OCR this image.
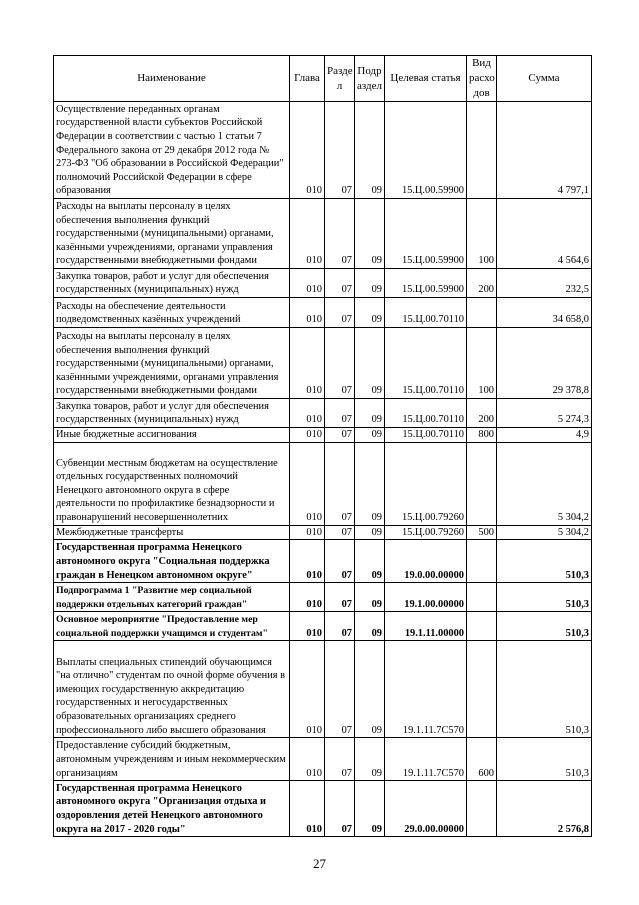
Наименование	Глава	Разде л	Подр аздел	Целевая статья	Вид расхо дов	Сумма
Осуществление переданных органам государственной власти субъектов Российской Федерации в соответствии с частью 1 статьи 7 Федерального закона от 29 декабря 2012 года № 273-ФЗ "Об образовании в Российской Федерации" полномочий Российской Федерации в сфере образования	010	07	09	15.Ц.00.59900		4 797,1
Расходы на выплаты персоналу в целях обеспечения выполнения функций государственными (муниципальными) органами, казёнными учреждениями, органами управления государственными внебюджетными фондами	010	07	09	15.Ц.00.59900	100	4 564,6
Закупка товаров, работ и услуг для обеспечения государственных (муниципальных) нужд	010	07	09	15.Ц.00.59900	200	232,5
Расходы на обеспечение деятельности подведомственных казённых учреждений	010	07	09	15.Ц.00.70110		34 658,0
Расходы на выплаты персоналу в целях обеспечения выполнения функций государственными (муниципальными) органами, казённными учреждениями, органами управления государственными внебюджетными фондами	010	07	09	15.Ц.00.70110	100	29 378,8
Закупка товаров, работ и услуг для обеспечения государственных (муниципальных) нужд	010	07	09	15.Ц.00.70110	200	5 274,3
Иные бюджетные ассигнования	010	07	09	15.Ц.00.70110	800	4,9
Субвенции местным бюджетам на осуществление отдельных государственных полномочий Ненецкого автономного округа в сфере деятельности по профилактике безнадзорности и правонарушений несовершеннолетних	010	07	09	15.Ц.00.79260		5 304,2
Межбюджетные трансферты	010	07	09	15.Ц.00.79260	500	5 304,2
Государственная программа Ненецкого автономного округа "Социальная поддержка граждан в Ненецком автономном округе"	010	07	09	19.0.00.00000		510,3
Подпрограмма 1 "Развитие мер социальной поддержки отдельных категорий граждан"	010	07	09	19.1.00.00000		510,3
Основное мероприятие "Предоставление мер социальной поддержки учащимся и студентам"	010	07	09	19.1.11.00000		510,3
Выплаты специальных стипендий обучающимся "на отлично" студентам по очной форме обучения в имеющих государственную аккредитацию государственных и негосударственных образовательных организациях среднего профессионального либо высшего образования	010	07	09	19.1.11.7C570		510,3
Предоставление субсидий бюджетным, автономным учреждениям и иным некоммерческим организациям	010	07	09	19.1.11.7C570	600	510,3
Государственная программа Ненецкого автономного округа "Организация отдыха и оздоровления детей Ненецкого автономного округа на 2017 - 2020 годы"	010	07	09	29.0.00.00000		2 576,8
27
